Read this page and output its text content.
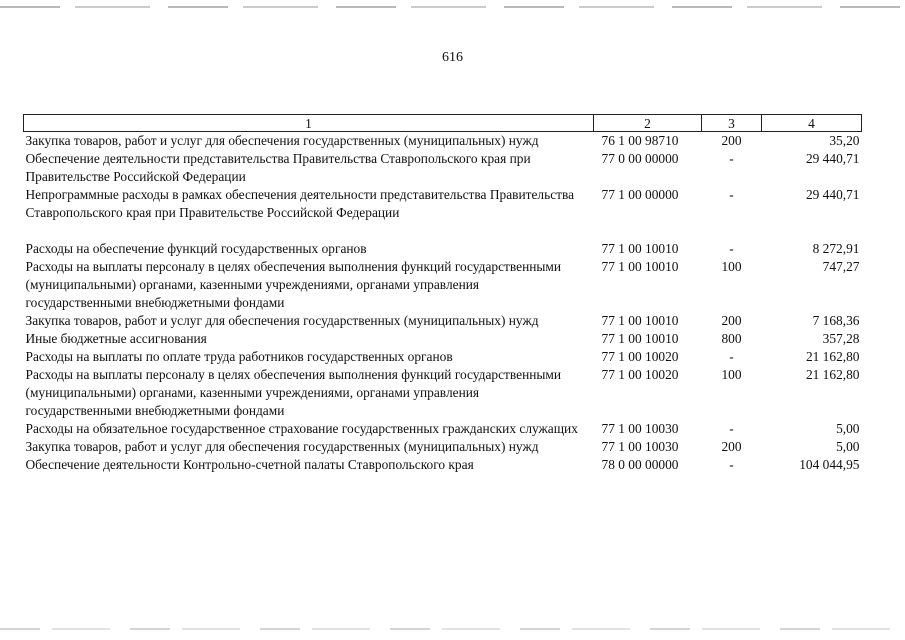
616
1	2	3	4
Закупка товаров, работ и услуг для обеспечения государственных (муниципальных) нужд	76 1 00 98710	200	35,20
Обеспечение деятельности представительства Правительства Ставропольского края при Правительстве Российской Федерации	77 0 00 00000	-	29 440,71
Непрограммные расходы в рамках обеспечения деятельности представительства Правительства Ставропольского края при Правительстве Российской Федерации	77 1 00 00000	-	29 440,71

Расходы на обеспечение функций государственных органов	77 1 00 10010	-	8 272,91
Расходы на выплаты персоналу в целях обеспечения выполнения функций государственными (муниципальными) органами, казенными учреждениями, органами управления государственными внебюджетными фондами	77 1 00 10010	100	747,27
Закупка товаров, работ и услуг для обеспечения государственных (муниципальных) нужд	77 1 00 10010	200	7 168,36
Иные бюджетные ассигнования	77 1 00 10010	800	357,28
Расходы на выплаты по оплате труда работников государственных органов	77 1 00 10020	-	21 162,80
Расходы на выплаты персоналу в целях обеспечения выполнения функций государственными (муниципальными) органами, казенными учреждениями, органами управления государственными внебюджетными фондами	77 1 00 10020	100	21 162,80
Расходы на обязательное государственное страхование государственных гражданских служащих	77 1 00 10030	-	5,00
Закупка товаров, работ и услуг для обеспечения государственных (муниципальных) нужд	77 1 00 10030	200	5,00
Обеспечение деятельности Контрольно-счетной палаты Ставропольского края	78 0 00 00000	-	104 044,95
